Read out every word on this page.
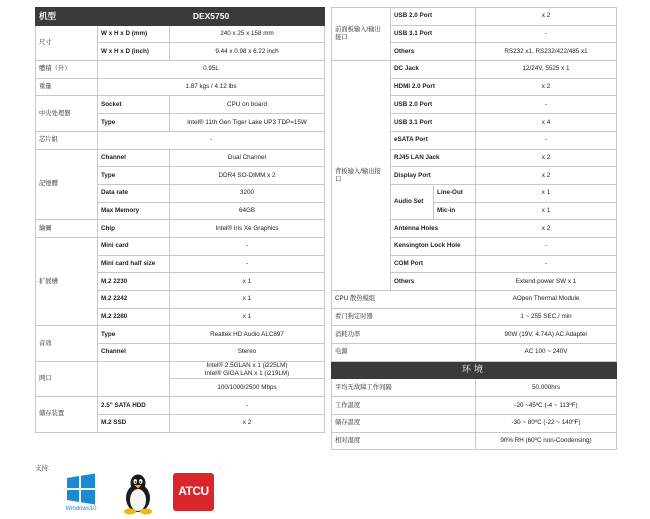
机型	DEX5750	
尺寸	W x H x D (mm)	240 x 25 x 158 mm
	W x H x D (inch)	9.44 x 0.98 x 6.22 inch
體積（升）	0.95L	
重量	1.87 kgs / 4.12 lbs	
中央处理器	Socket	CPU on board
	Type	Intel® 11th Gen Tiger Lake UP3 TDP=15W
芯片組	-	
記憶體	Channel	Dual Channel
	Type	DDR4 SO-DIMM x 2
	Data rate	3200
	Max Memory	64GB
繪圖	Chip	Intel® Iris Xe Graphics
扩展槽	Mini card	-
	Mini card half size	-
	M.2 2230	x 1
	M.2 2242	x 1
	M.2 2280	x 1
音效	Type	Realtek HD Audio ALC897
	Channel	Stereo
网口		Intel® 2.5GLAN x 1 (i225LM)
Intel® GIGA LAN x 1 (i219LM)

		100/1000/2500 Mbps
储存装置	2.5" SATA HDD	-
	M.2 SSD	x 2
前面板输入/输出接口	USB 2.0 Port		x 2
	USB 3.1 Port		-
	Others		RS232 x1, RS232/422/485 x1
背板输入/输出接口	DC Jack		12/24V, 5525 x 1
	HDMI 2.0 Port		x 2
	USB 2.0 Port		-
	USB 3.1 Port		x 4
	eSATA Port		-
	RJ45 LAN Jack		x 2
	Display Port		x 2
	Audio Set	Line-Out	x 1
		Mic-in	x 1
	Antenna Holes		x 2
	Kensington Lock Hole		-
	COM Port		-
	Others		Extend power SW x 1
CPU 散热模组			AOpen Thermal Module
看门狗定时器			1 ~ 255 SEC./ min
消耗功率			90W (19V, 4.74A) AC Adapter
电源			AC 100 ~ 240V
环境			
平均无故障工作间隔			50,000hrs
工作温度			-20 ~45ºC (-4 ~ 113ºF)
储存温度			-30 ~ 80ºC (-22 ~ 140ºF)
相对湿度			90% RH (60ºC non-Condensing)
支持:
Windows10
ATCU
